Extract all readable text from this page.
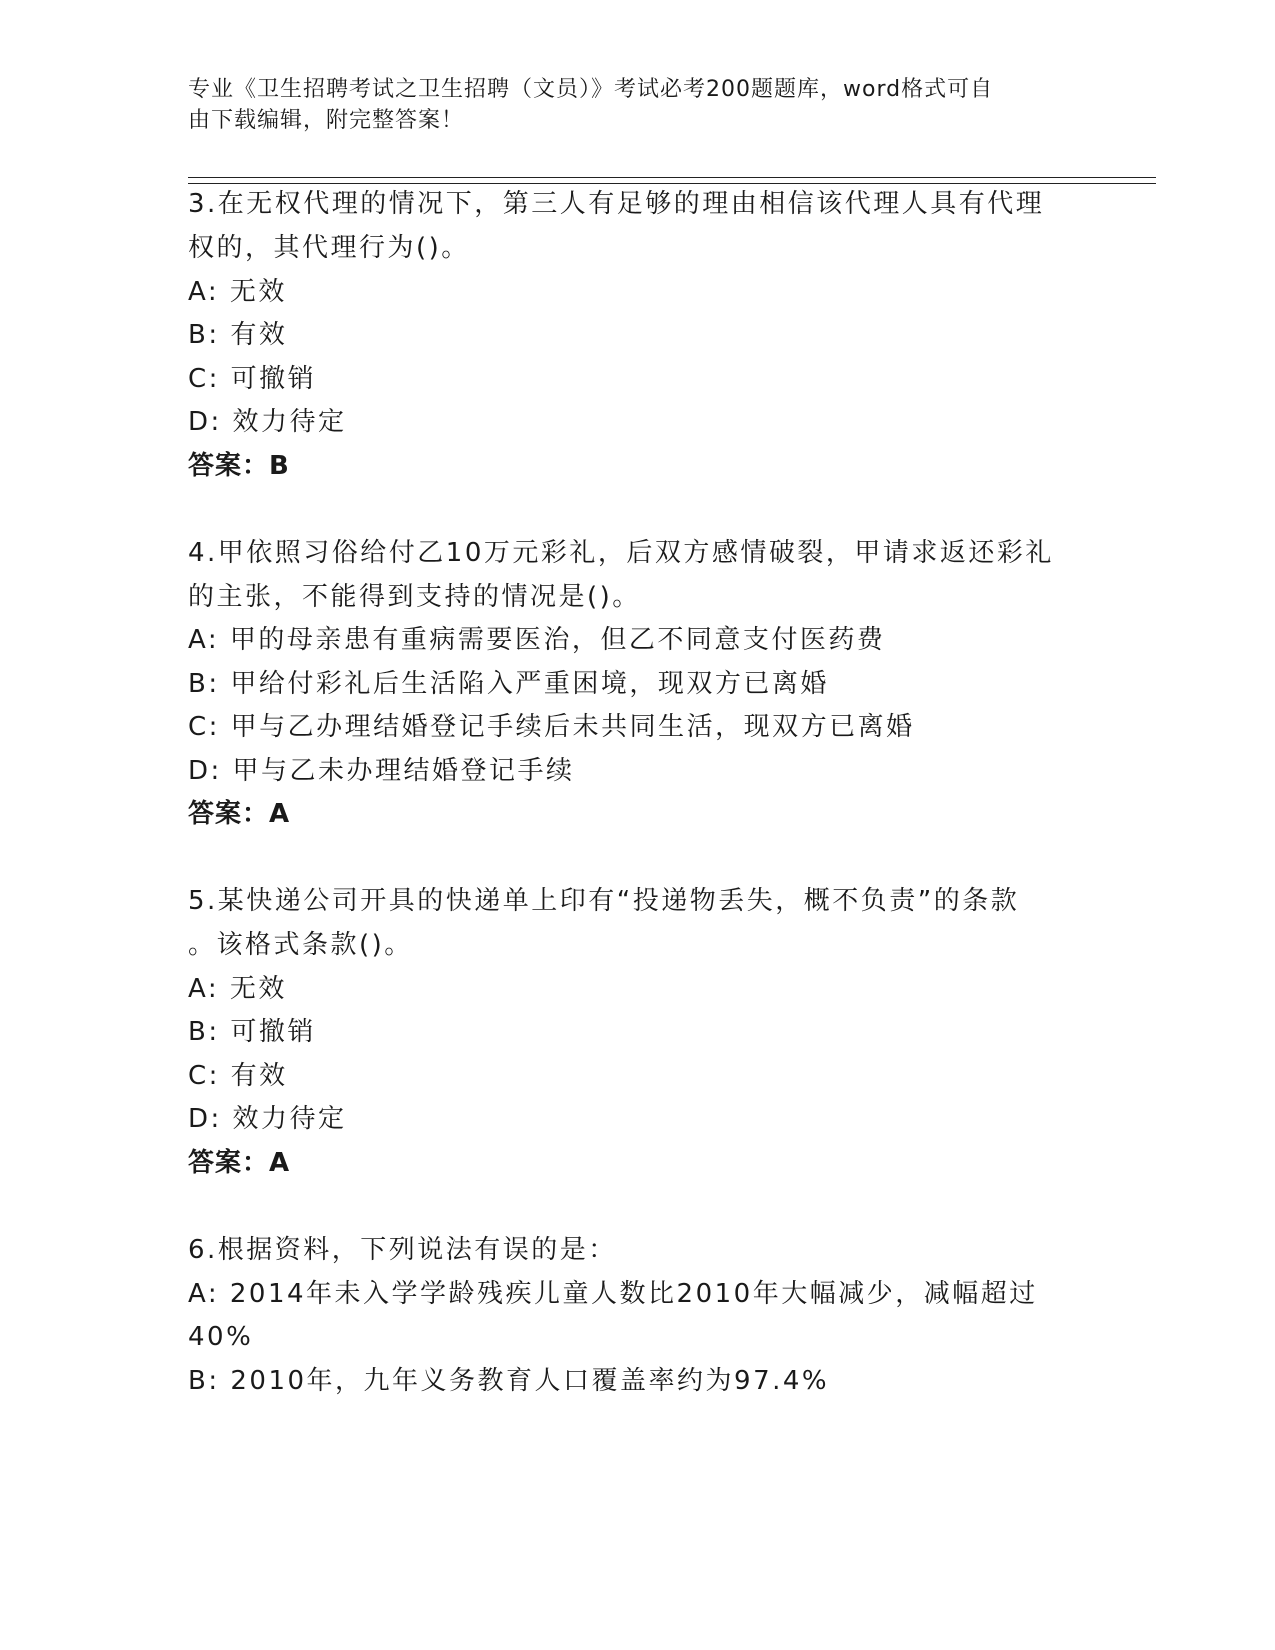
专业《卫生招聘考试之卫生招聘（文员）》考试必考200题题库，word格式可自
由下载编辑，附完整答案！
3.在无权代理的情况下，第三人有足够的理由相信该代理人具有代理
权的，其代理行为()。
A: 无效
B: 有效
C: 可撤销
D: 效力待定
答案：B
4.甲依照习俗给付乙10万元彩礼，后双方感情破裂，甲请求返还彩礼
的主张，不能得到支持的情况是()。
A: 甲的母亲患有重病需要医治，但乙不同意支付医药费
B: 甲给付彩礼后生活陷入严重困境，现双方已离婚
C: 甲与乙办理结婚登记手续后未共同生活，现双方已离婚
D: 甲与乙未办理结婚登记手续
答案：A
5.某快递公司开具的快递单上印有“投递物丢失，概不负责”的条款
。该格式条款()。
A: 无效
B: 可撤销
C: 有效
D: 效力待定
答案：A
6.根据资料，下列说法有误的是：
A: 2014年未入学学龄残疾儿童人数比2010年大幅减少，减幅超过
40%
B: 2010年，九年义务教育人口覆盖率约为97.4%
